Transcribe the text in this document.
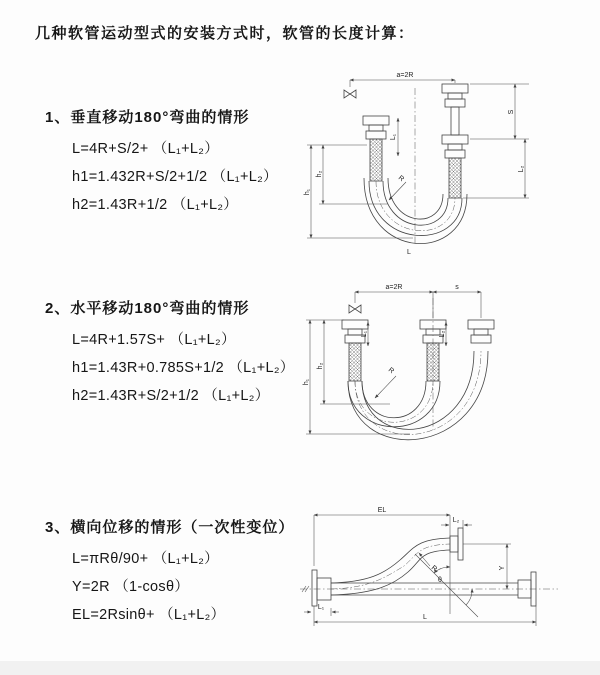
几种软管运动型式的安装方式时，软管的长度计算：
1、垂直移动180°弯曲的情形
L=4R+S/2+ （L₁+L₂）
h1=1.432R+S/2+1/2 （L₁+L₂）
h2=1.43R+1/2 （L₁+L₂）
a=2R
L₁
h₁
h₂
S
L₂
R
L
2、水平移动180°弯曲的情形
L=4R+1.57S+ （L₁+L₂）
h1=1.43R+0.785S+1/2 （L₁+L₂）
h2=1.43R+S/2+1/2 （L₁+L₂）
a=2R	s
L₁	L₂
h₁
h₂
R
3、横向位移的情形（一次性变位）
L=πRθ/90+ （L₁+L₂）
Y=2R （1-cosθ）
EL=2Rsinθ+ （L₁+L₂）
EL
L₂
Y
θ
R
L₁
L
